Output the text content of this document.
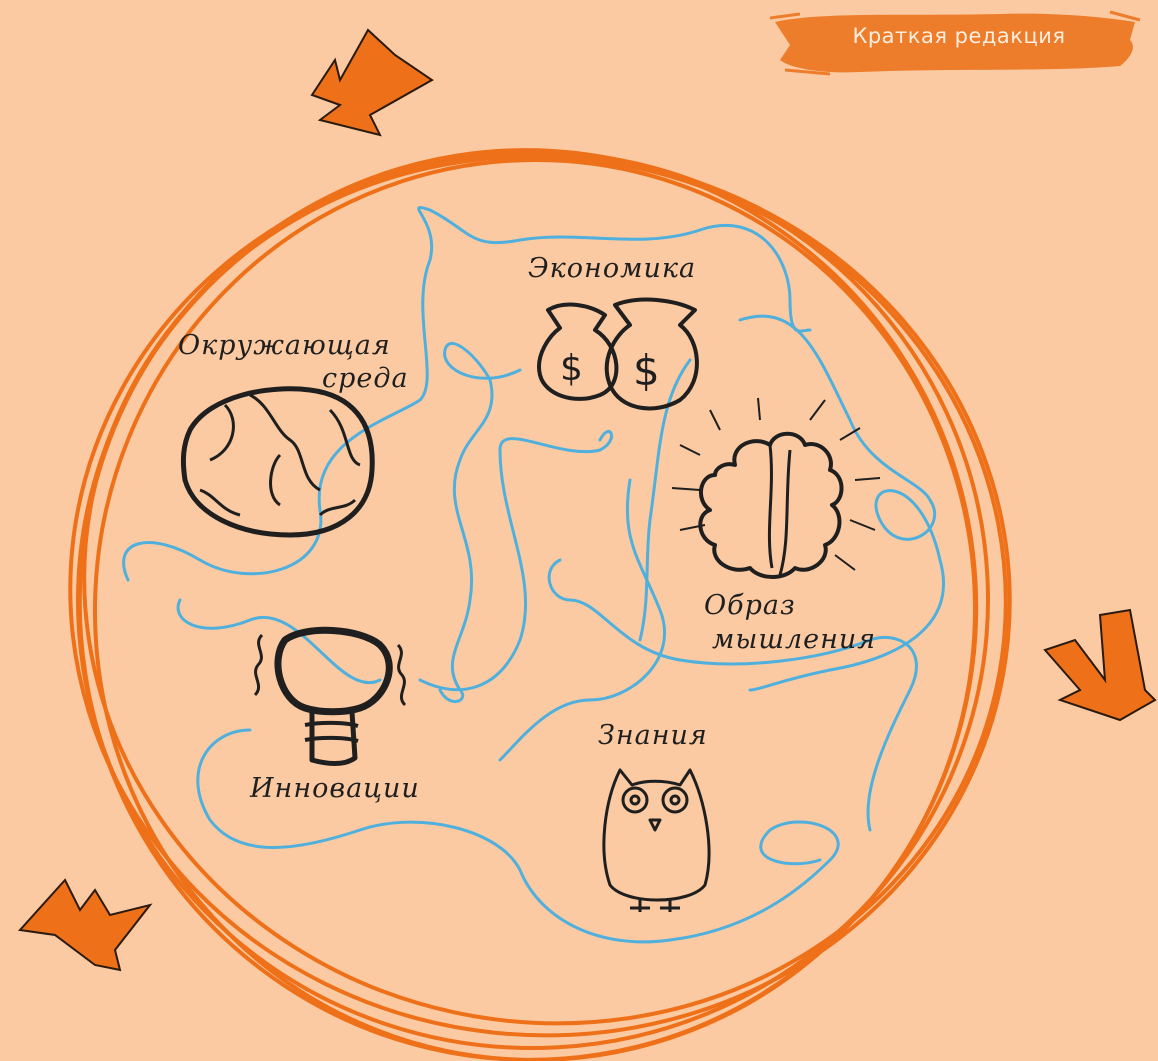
$ $
Краткая редакция
Экономика
Окружающая
среда
Образ
мышления
Инновации
Знания
